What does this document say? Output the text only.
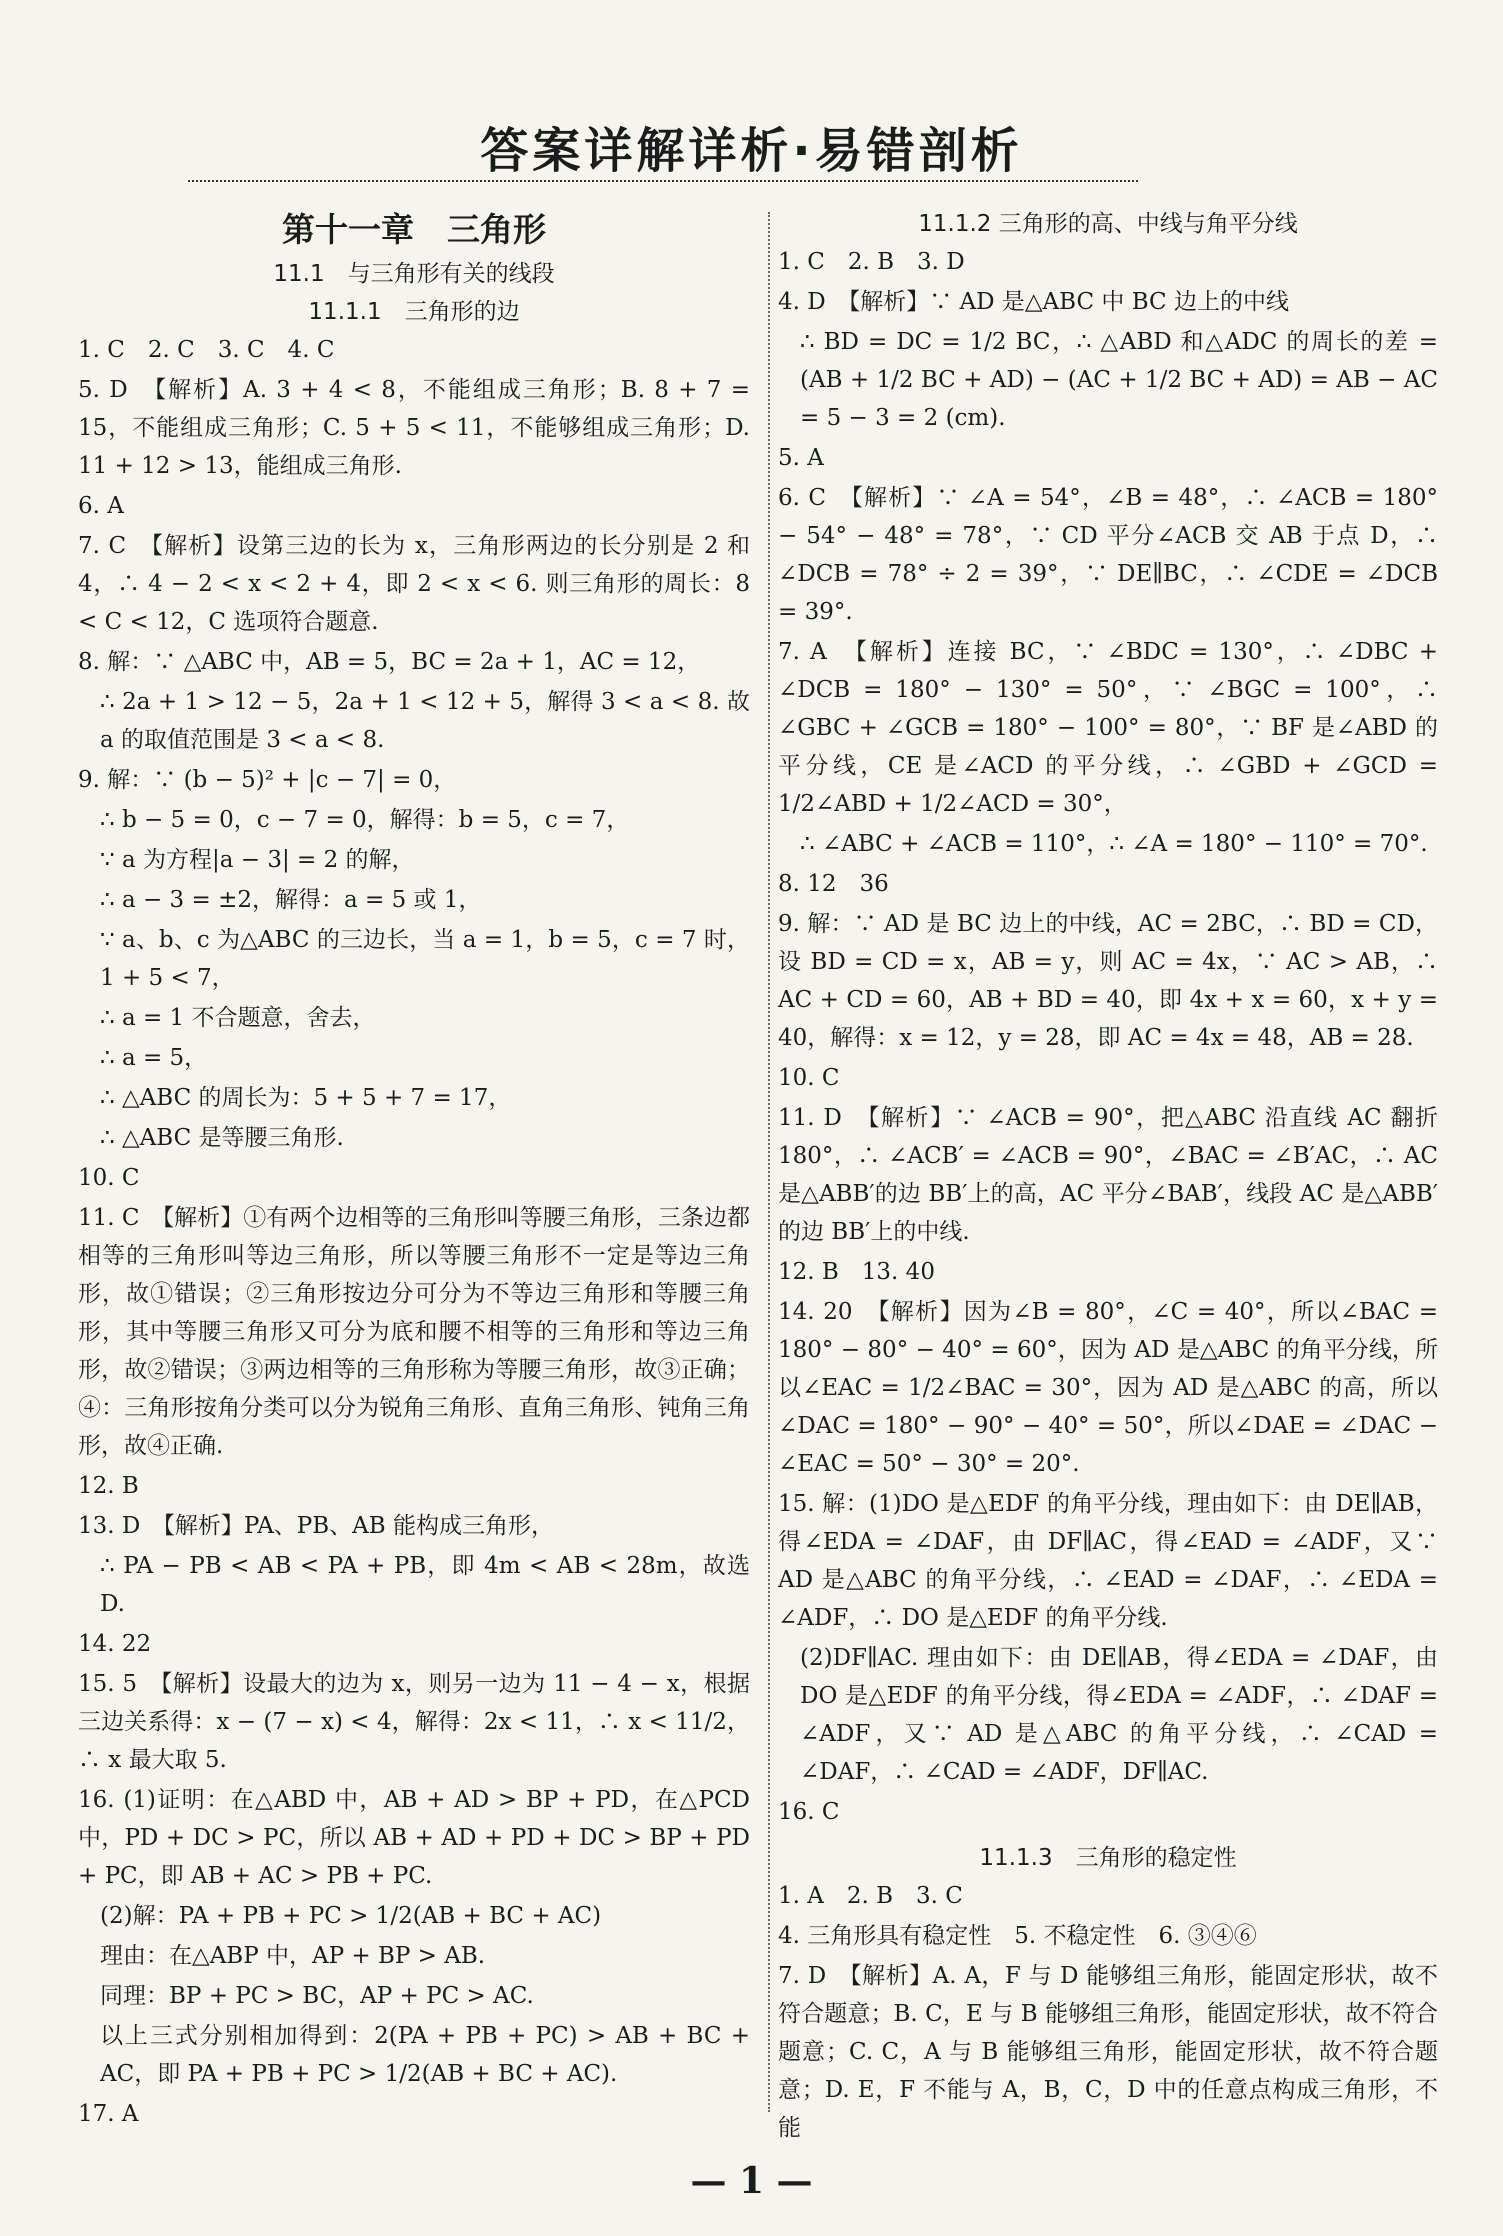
答案详解详析·易错剖析
第十一章　三角形
11.1　与三角形有关的线段
11.1.1　三角形的边
1. C　2. C　3. C　4. C
5. D　【解析】A. 3 + 4 < 8，不能组成三角形；B. 8 + 7 = 15，不能组成三角形；C. 5 + 5 < 11，不能够组成三角形；D. 11 + 12 > 13，能组成三角形.
6. A
7. C　【解析】设第三边的长为 x，三角形两边的长分别是 2 和 4，∴ 4 − 2 < x < 2 + 4，即 2 < x < 6. 则三角形的周长：8 < C < 12，C 选项符合题意.
8. 解：∵ △ABC 中，AB = 5，BC = 2a + 1，AC = 12，
∴ 2a + 1 > 12 − 5，2a + 1 < 12 + 5，解得 3 < a < 8. 故 a 的取值范围是 3 < a < 8.
9. 解：∵ (b − 5)² + |c − 7| = 0，
∴ b − 5 = 0，c − 7 = 0，解得：b = 5，c = 7，
∵ a 为方程|a − 3| = 2 的解，
∴ a − 3 = ±2，解得：a = 5 或 1，
∵ a、b、c 为△ABC 的三边长，当 a = 1，b = 5，c = 7 时，1 + 5 < 7，
∴ a = 1 不合题意，舍去，
∴ a = 5，
∴ △ABC 的周长为：5 + 5 + 7 = 17，
∴ △ABC 是等腰三角形.
10. C
11. C　【解析】①有两个边相等的三角形叫等腰三角形，三条边都相等的三角形叫等边三角形，所以等腰三角形不一定是等边三角形，故①错误；②三角形按边分可分为不等边三角形和等腰三角形，其中等腰三角形又可分为底和腰不相等的三角形和等边三角形，故②错误；③两边相等的三角形称为等腰三角形，故③正确；④：三角形按角分类可以分为锐角三角形、直角三角形、钝角三角形，故④正确.
12. B
13. D　【解析】PA、PB、AB 能构成三角形，
∴ PA − PB < AB < PA + PB，即 4m < AB < 28m，故选 D.
14. 22
15. 5　【解析】设最大的边为 x，则另一边为 11 − 4 − x，根据三边关系得：x − (7 − x) < 4，解得：2x < 11，∴ x < 11/2，∴ x 最大取 5.
16. (1)证明：在△ABD 中，AB + AD > BP + PD，在△PCD 中，PD + DC > PC，所以 AB + AD + PD + DC > BP + PD + PC，即 AB + AC > PB + PC.
(2)解：PA + PB + PC > 1/2(AB + BC + AC)
理由：在△ABP 中，AP + BP > AB.
同理：BP + PC > BC，AP + PC > AC.
以上三式分别相加得到：2(PA + PB + PC) > AB + BC + AC，即 PA + PB + PC > 1/2(AB + BC + AC).
17. A
11.1.2 三角形的高、中线与角平分线
1. C　2. B　3. D
4. D　【解析】∵ AD 是△ABC 中 BC 边上的中线
∴ BD = DC = 1/2 BC，∴ △ABD 和△ADC 的周长的差 = (AB + 1/2 BC + AD) − (AC + 1/2 BC + AD) = AB − AC = 5 − 3 = 2 (cm).
5. A
6. C　【解析】∵ ∠A = 54°，∠B = 48°，∴ ∠ACB = 180° − 54° − 48° = 78°，∵ CD 平分∠ACB 交 AB 于点 D，∴ ∠DCB = 78° ÷ 2 = 39°，∵ DE∥BC，∴ ∠CDE = ∠DCB = 39°.
7. A　【解析】连接 BC，∵ ∠BDC = 130°，∴ ∠DBC + ∠DCB = 180° − 130° = 50°，∵ ∠BGC = 100°，∴ ∠GBC + ∠GCB = 180° − 100° = 80°，∵ BF 是∠ABD 的平分线，CE 是∠ACD 的平分线，∴ ∠GBD + ∠GCD = 1/2∠ABD + 1/2∠ACD = 30°，
∴ ∠ABC + ∠ACB = 110°，∴ ∠A = 180° − 110° = 70°.
8. 12　36
9. 解：∵ AD 是 BC 边上的中线，AC = 2BC，∴ BD = CD，设 BD = CD = x，AB = y，则 AC = 4x，∵ AC > AB，∴ AC + CD = 60，AB + BD = 40，即 4x + x = 60，x + y = 40，解得：x = 12，y = 28，即 AC = 4x = 48，AB = 28.
10. C
11. D　【解析】∵ ∠ACB = 90°，把△ABC 沿直线 AC 翻折 180°，∴ ∠ACB′ = ∠ACB = 90°，∠BAC = ∠B′AC，∴ AC 是△ABB′的边 BB′上的高，AC 平分∠BAB′，线段 AC 是△ABB′的边 BB′上的中线.
12. B　13. 40
14. 20　【解析】因为∠B = 80°，∠C = 40°，所以∠BAC = 180° − 80° − 40° = 60°，因为 AD 是△ABC 的角平分线，所以∠EAC = 1/2∠BAC = 30°，因为 AD 是△ABC 的高，所以∠DAC = 180° − 90° − 40° = 50°，所以∠DAE = ∠DAC − ∠EAC = 50° − 30° = 20°.
15. 解：(1)DO 是△EDF 的角平分线，理由如下：由 DE∥AB，得∠EDA = ∠DAF，由 DF∥AC，得∠EAD = ∠ADF，又∵ AD 是△ABC 的角平分线，∴ ∠EAD = ∠DAF，∴ ∠EDA = ∠ADF，∴ DO 是△EDF 的角平分线.
(2)DF∥AC. 理由如下：由 DE∥AB，得∠EDA = ∠DAF，由 DO 是△EDF 的角平分线，得∠EDA = ∠ADF，∴ ∠DAF = ∠ADF，又∵ AD 是△ABC 的角平分线，∴ ∠CAD = ∠DAF，∴ ∠CAD = ∠ADF，DF∥AC.
16. C
11.1.3　三角形的稳定性
1. A　2. B　3. C
4. 三角形具有稳定性　5. 不稳定性　6. ③④⑥
7. D　【解析】A. A，F 与 D 能够组三角形，能固定形状，故不符合题意；B. C，E 与 B 能够组三角形，能固定形状，故不符合题意；C. C，A 与 B 能够组三角形，能固定形状，故不符合题意；D. E，F 不能与 A，B，C，D 中的任意点构成三角形，不能
— 1 —
